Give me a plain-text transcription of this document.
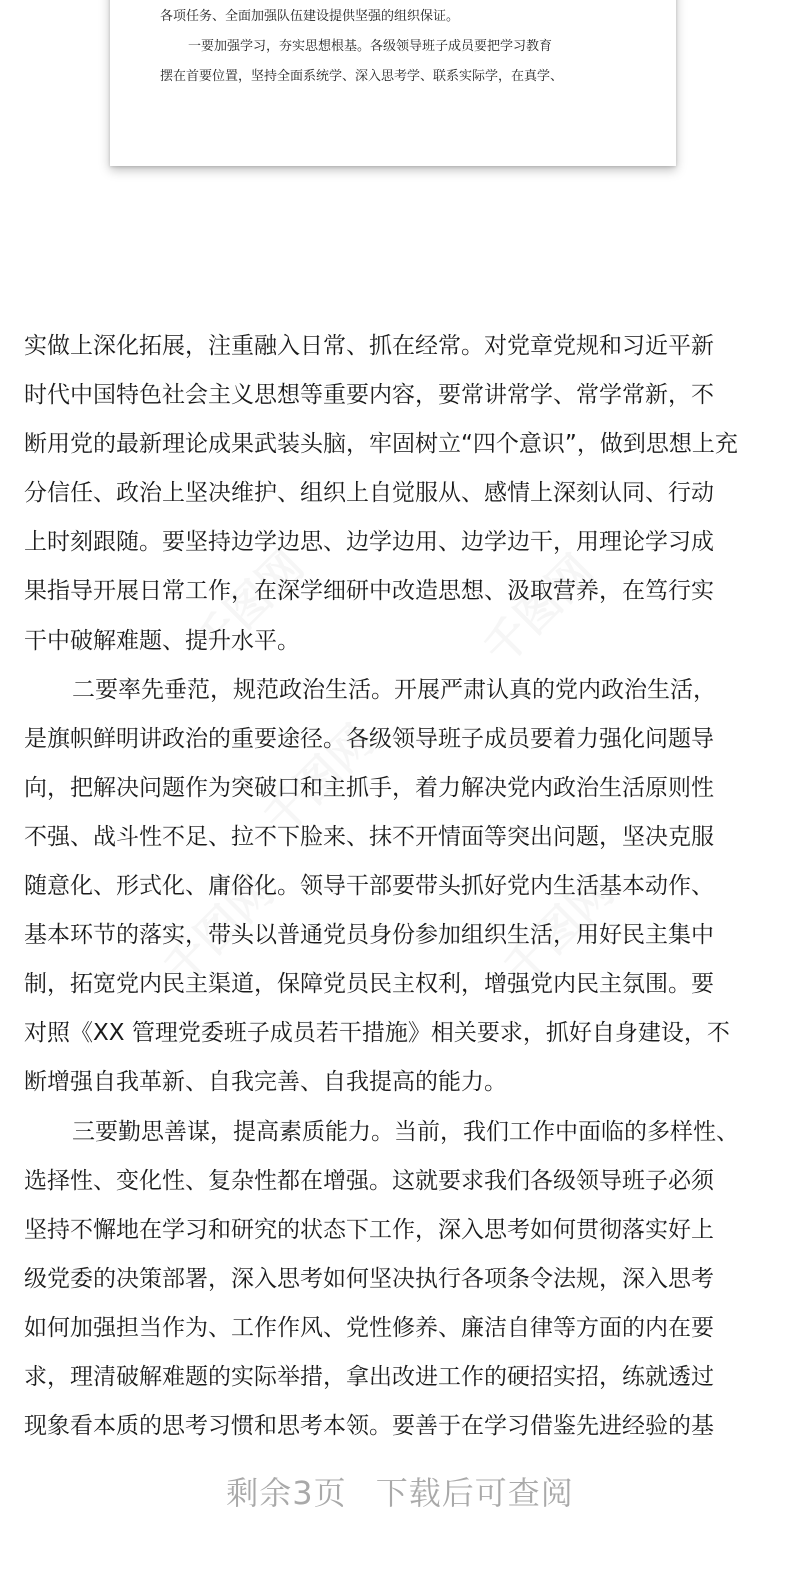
各项任务、全面加强队伍建设提供坚强的组织保证。
一要加强学习，夯实思想根基。各级领导班子成员要把学习教育
摆在首要位置，坚持全面系统学、深入思考学、联系实际学，在真学、
实做上深化拓展，注重融入日常、抓在经常。对党章党规和习近平新
时代中国特色社会主义思想等重要内容，要常讲常学、常学常新，不
断用党的最新理论成果武装头脑，牢固树立“四个意识”，做到思想上充
分信任、政治上坚决维护、组织上自觉服从、感情上深刻认同、行动
上时刻跟随。要坚持边学边思、边学边用、边学边干，用理论学习成
果指导开展日常工作，在深学细研中改造思想、汲取营养，在笃行实
干中破解难题、提升水平。
二要率先垂范，规范政治生活。开展严肃认真的党内政治生活，
是旗帜鲜明讲政治的重要途径。各级领导班子成员要着力强化问题导
向，把解决问题作为突破口和主抓手，着力解决党内政治生活原则性
不强、战斗性不足、拉不下脸来、抹不开情面等突出问题，坚决克服
随意化、形式化、庸俗化。领导干部要带头抓好党内生活基本动作、
基本环节的落实，带头以普通党员身份参加组织生活，用好民主集中
制，拓宽党内民主渠道，保障党员民主权利，增强党内民主氛围。要
对照《XX 管理党委班子成员若干措施》相关要求，抓好自身建设，不
断增强自我革新、自我完善、自我提高的能力。
三要勤思善谋，提高素质能力。当前，我们工作中面临的多样性、
选择性、变化性、复杂性都在增强。这就要求我们各级领导班子必须
坚持不懈地在学习和研究的状态下工作，深入思考如何贯彻落实好上
级党委的决策部署，深入思考如何坚决执行各项条令法规，深入思考
如何加强担当作为、工作作风、党性修养、廉洁自律等方面的内在要
求，理清破解难题的实际举措，拿出改进工作的硬招实招，练就透过
现象看本质的思考习惯和思考本领。要善于在学习借鉴先进经验的基
剩余3页 下载后可查阅
